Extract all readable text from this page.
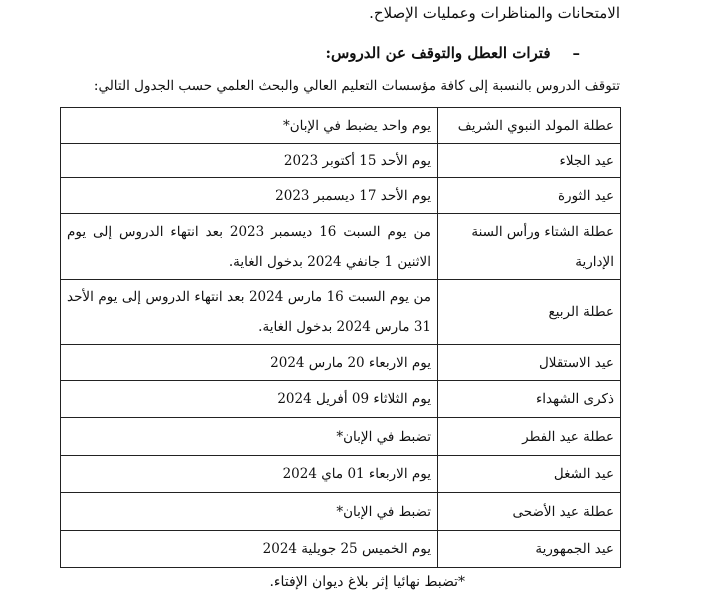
الامتحانات والمناظرات وعمليات الإصلاح.
–فترات العطل والتوقف عن الدروس:
تتوقف الدروس بالنسبة إلى كافة مؤسسات التعليم العالي والبحث العلمي حسب الجدول التالي:
عطلة المولد النبوي الشريف	يوم واحد يضبط في الإبان*
عيد الجلاء	يوم الأحد 15 أكتوبر 2023
عيد الثورة	يوم الأحد 17 ديسمبر 2023
عطلة الشتاء ورأس السنة الإدارية	من يوم السبت 16 ديسمبر 2023 بعد انتهاء الدروس إلى يوم الاثنين 1 جانفي 2024 بدخول الغاية.
عطلة الربيع	من يوم السبت 16 مارس 2024 بعد انتهاء الدروس إلى يوم الأحد 31 مارس 2024 بدخول الغاية.
عيد الاستقلال	يوم الاربعاء 20 مارس 2024
ذكرى الشهداء	يوم الثلاثاء 09 أفريل 2024
عطلة عيد الفطر	تضبط في الإبان*
عيد الشغل	يوم الاربعاء 01 ماي 2024
عطلة عيد الأضحى	تضبط في الإبان*
عيد الجمهورية	يوم الخميس 25 جويلية 2024
*تضبط نهائيا إثر بلاغ ديوان الإفتاء.
